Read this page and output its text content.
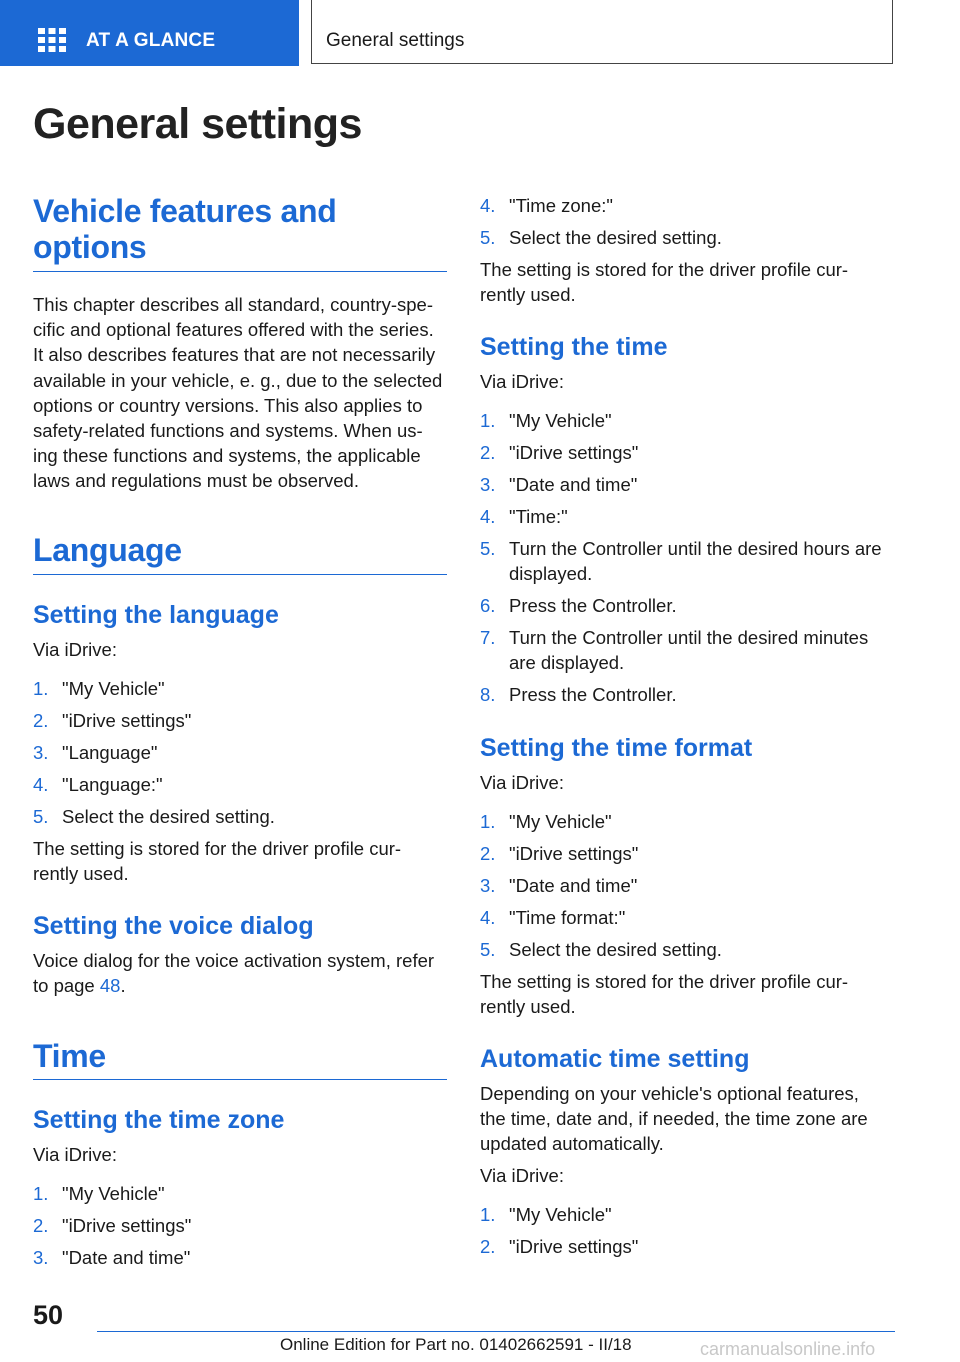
AT A GLANCE	General settings
General settings
Vehicle features and
options

This chapter describes all standard, country-spe-

cific and optional features offered with the series.

It also describes features that are not necessarily

available in your vehicle, e. g., due to the selected

options or country versions. This also applies to

safety-related functions and systems. When us-

ing these functions and systems, the applicable

laws and regulations must be observed.

Language
Setting the language

Via iDrive:

1. "My Vehicle"
2. "iDrive settings"
3. "Language"
4. "Language:"
5. Select the desired setting.

The setting is stored for the driver profile cur-

rently used.

Setting the voice dialog

Voice dialog for the voice activation system, refer

to page 48.

Time
Setting the time zone

Via iDrive:

1. "My Vehicle"
2. "iDrive settings"
3. "Date and time"
4. "Time zone:"
5. Select the desired setting.

The setting is stored for the driver profile cur-

rently used.

Setting the time

Via iDrive:

1. "My Vehicle"
2. "iDrive settings"
3. "Date and time"
4. "Time:"
5. Turn the Controller until the desired hours are
displayed.
6. Press the Controller.
7. Turn the Controller until the desired minutes
are displayed.
8. Press the Controller.
Setting the time format

Via iDrive:

1. "My Vehicle"
2. "iDrive settings"
3. "Date and time"
4. "Time format:"
5. Select the desired setting.

The setting is stored for the driver profile cur-

rently used.

Automatic time setting

Depending on your vehicle's optional features,

the time, date and, if needed, the time zone are

updated automatically.

Via iDrive:

1. "My Vehicle"
2. "iDrive settings"
50
Online Edition for Part no. 01402662591 - II/18	carmanualsonline.info
